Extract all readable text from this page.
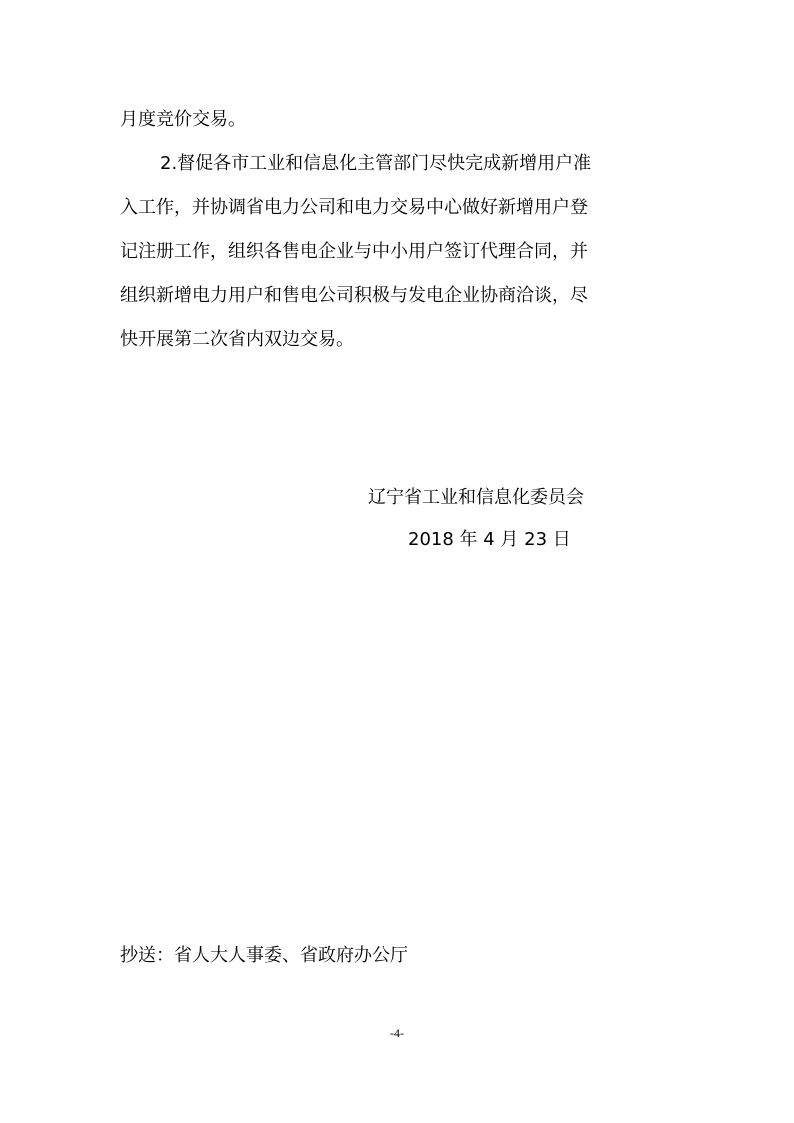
月度竞价交易。

2.督促各市工业和信息化主管部门尽快完成新增用户准

入工作，并协调省电力公司和电力交易中心做好新增用户登

记注册工作，组织各售电企业与中小用户签订代理合同，并

组织新增电力用户和售电公司积极与发电企业协商洽谈，尽

快开展第二次省内双边交易。

辽宁省工业和信息化委员会

2018 年 4 月 23 日

抄送：省人大人事委、省政府办公厅

-4-
